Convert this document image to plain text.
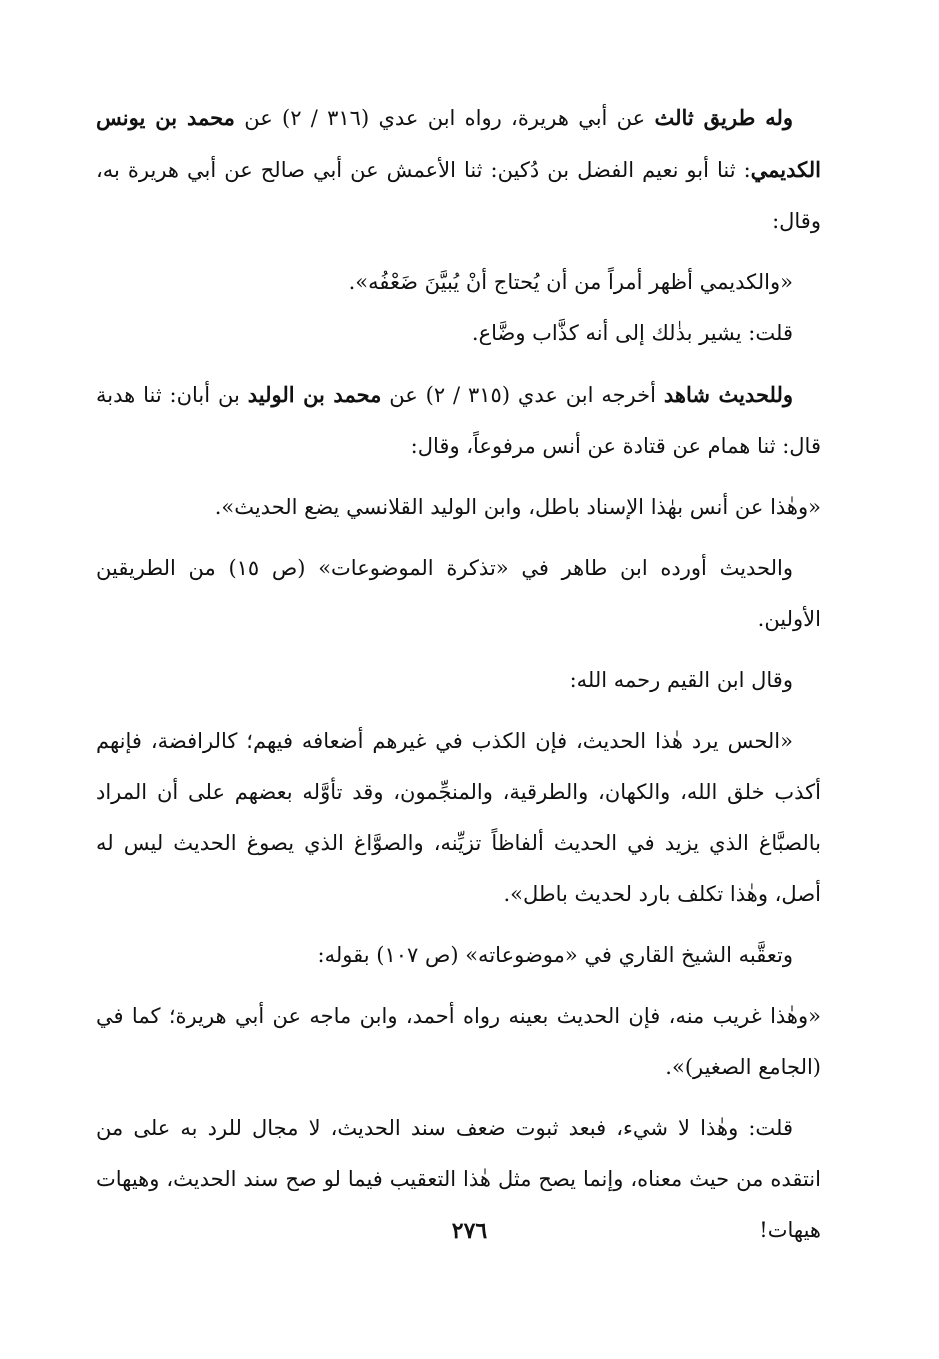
وله طريق ثالث عن أبي هريرة، رواه ابن عدي (٣١٦ / ٢) عن محمد بن يونس الكديمي: ثنا أبو نعيم الفضل بن دُكين: ثنا الأعمش عن أبي صالح عن أبي هريرة به، وقال:

«والكديمي أظهر أمراً من أن يُحتاج أنْ يُبيَّنَ ضَعْفُه».

قلت: يشير بذٰلك إلى أنه كذَّاب وضَّاع.

وللحديث شاهد أخرجه ابن عدي (٣١٥ / ٢) عن محمد بن الوليد بن أبان: ثنا هدبة قال: ثنا همام عن قتادة عن أنس مرفوعاً، وقال:

«وهٰذا عن أنس بهٰذا الإسناد باطل، وابن الوليد القلانسي يضع الحديث».

والحديث أورده ابن طاهر في «تذكرة الموضوعات» (ص ١٥) من الطريقين الأولين.

وقال ابن القيم رحمه الله:

«الحس يرد هٰذا الحديث، فإن الكذب في غيرهم أضعافه فيهم؛ كالرافضة، فإنهم أكذب خلق الله، والكهان، والطرقية، والمنجِّمون، وقد تأوَّله بعضهم على أن المراد بالصبَّاغ الذي يزيد في الحديث ألفاظاً تزيِّنه، والصوَّاغ الذي يصوغ الحديث ليس له أصل، وهٰذا تكلف بارد لحديث باطل».

وتعقَّبه الشيخ القاري في «موضوعاته» (ص ١٠٧) بقوله:

«وهٰذا غريب منه، فإن الحديث بعينه رواه أحمد، وابن ماجه عن أبي هريرة؛ كما في (الجامع الصغير)».

قلت: وهٰذا لا شيء، فبعد ثبوت ضعف سند الحديث، لا مجال للرد به على من انتقده من حيث معناه، وإنما يصح مثل هٰذا التعقيب فيما لو صح سند الحديث، وهيهات هيهات!

٢٧٦
